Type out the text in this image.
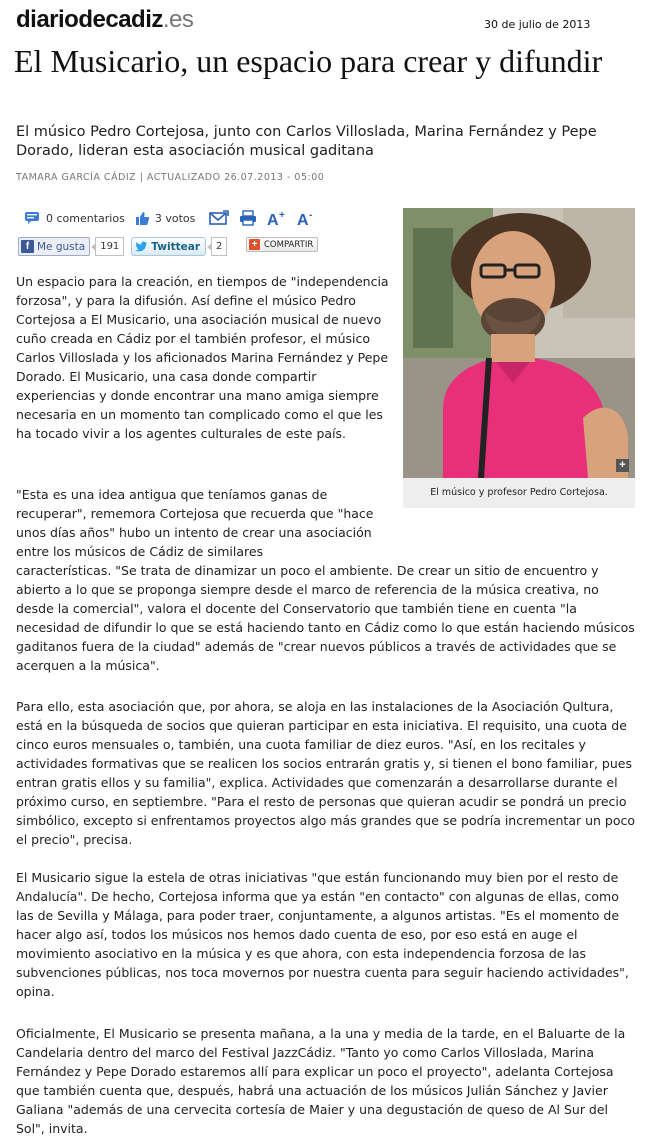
diariodecadiz.es	30 de julio de 2013
El Musicario, un espacio para crear y difundir
El músico Pedro Cortejosa, junto con Carlos Villoslada, Marina Fernández y Pepe Dorado, lideran esta asociación musical gaditana
TAMARA GARCÍA CÁDIZ | ACTUALIZADO 26.07.2013 - 05:00
0 comentarios	3 votos	A + A -
f Me gusta	191	Twittear	2	+ COMPARTIR
+
El músico y profesor Pedro Cortejosa.
Un espacio para la creación, en tiempos de "independencia forzosa", y para la difusión. Así define el músico Pedro Cortejosa a El Musicario, una asociación musical de nuevo cuño creada en Cádiz por el también profesor, el músico Carlos Villoslada y los aficionados Marina Fernández y Pepe Dorado. El Musicario, una casa donde compartir experiencias y donde encontrar una mano amiga siempre necesaria en un momento tan complicado como el que les ha tocado vivir a los agentes culturales de este país.
"Esta es una idea antigua que teníamos ganas de recuperar", rememora Cortejosa que recuerda que "hace unos días años" hubo un intento de crear una asociación entre los músicos de Cádiz de similares
características. "Se trata de dinamizar un poco el ambiente. De crear un sitio de encuentro y abierto a lo que se proponga siempre desde el marco de referencia de la música creativa, no desde la comercial", valora el docente del Conservatorio que también tiene en cuenta "la necesidad de difundir lo que se está haciendo tanto en Cádiz como lo que están haciendo músicos gaditanos fuera de la ciudad" además de "crear nuevos públicos a través de actividades que se acerquen a la música".
Para ello, esta asociación que, por ahora, se aloja en las instalaciones de la Asociación Qultura, está en la búsqueda de socios que quieran participar en esta iniciativa. El requisito, una cuota de cinco euros mensuales o, también, una cuota familiar de diez euros. "Así, en los recitales y actividades formativas que se realicen los socios entrarán gratis y, si tienen el bono familiar, pues entran gratis ellos y su familia", explica. Actividades que comenzarán a desarrollarse durante el próximo curso, en septiembre. "Para el resto de personas que quieran acudir se pondrá un precio simbólico, excepto si enfrentamos proyectos algo más grandes que se podría incrementar un poco el precio", precisa.
El Musicario sigue la estela de otras iniciativas "que están funcionando muy bien por el resto de Andalucía". De hecho, Cortejosa informa que ya están "en contacto" con algunas de ellas, como las de Sevilla y Málaga, para poder traer, conjuntamente, a algunos artistas. "Es el momento de hacer algo así, todos los músicos nos hemos dado cuenta de eso, por eso está en auge el movimiento asociativo en la música y es que ahora, con esta independencia forzosa de las subvenciones públicas, nos toca movernos por nuestra cuenta para seguir haciendo actividades", opina.
Oficialmente, El Musicario se presenta mañana, a la una y media de la tarde, en el Baluarte de la Candelaria dentro del marco del Festival JazzCádiz. "Tanto yo como Carlos Villoslada, Marina Fernández y Pepe Dorado estaremos allí para explicar un poco el proyecto", adelanta Cortejosa que también cuenta que, después, habrá una actuación de los músicos Julián Sánchez y Javier Galiana "además de una cervecita cortesía de Maier y una degustación de queso de Al Sur del Sol", invita.
